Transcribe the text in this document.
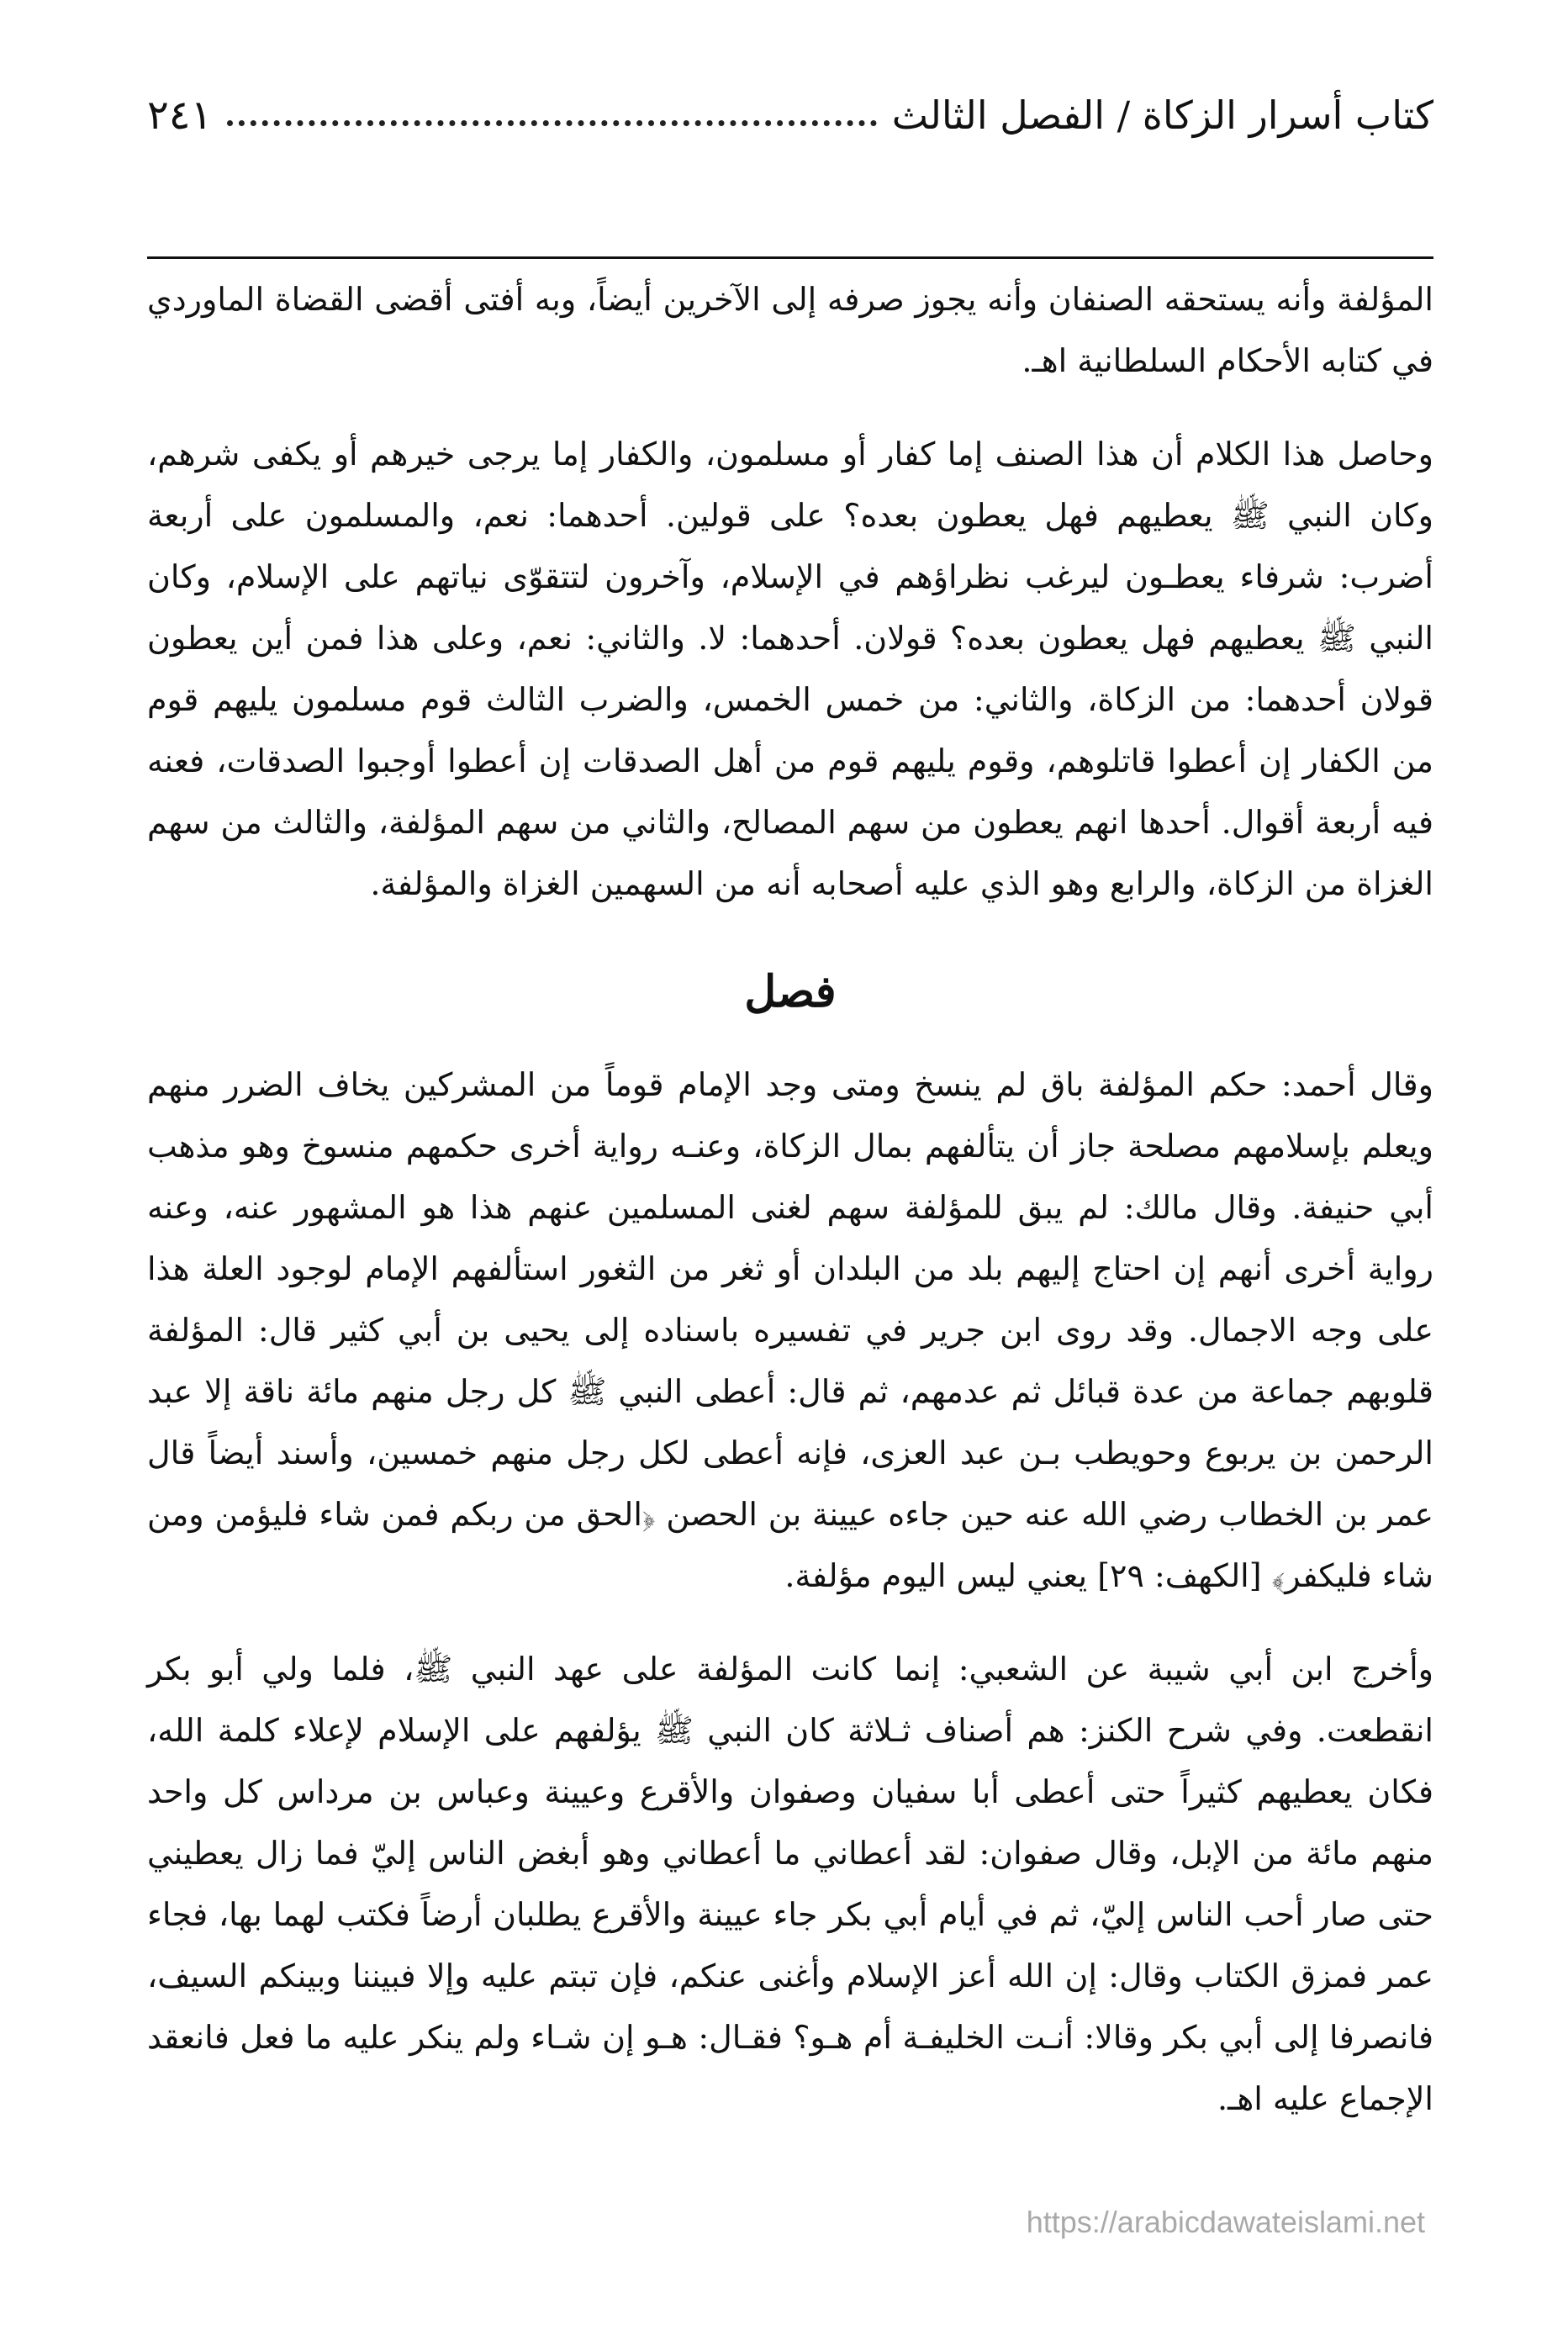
كتاب أسرار الزكاة / الفصل الثالث
٢٤١

المؤلفة وأنه يستحقه الصنفان وأنه يجوز صرفه إلى الآخرين أيضاً، وبه أفتى أقضى القضاة الماوردي في كتابه الأحكام السلطانية اهـ.

وحاصل هذا الكلام أن هذا الصنف إما كفار أو مسلمون، والكفار إما يرجى خيرهم أو يكفى شرهم، وكان النبي ﷺ يعطيهم فهل يعطون بعده؟ على قولين. أحدهما: نعم، والمسلمون على أربعة أضرب: شرفاء يعطـون ليرغب نظراؤهم في الإسلام، وآخرون لتتقوّى نياتهم على الإسلام، وكان النبي ﷺ يعطيهم فهل يعطون بعده؟ قولان. أحدهما: لا. والثاني: نعم، وعلى هذا فمن أين يعطون قولان أحدهما: من الزكاة، والثاني: من خمس الخمس، والضرب الثالث قوم مسلمون يليهم قوم من الكفار إن أعطوا قاتلوهم، وقوم يليهم قوم من أهل الصدقات إن أعطوا أوجبوا الصدقات، فعنه فيه أربعة أقوال. أحدها انهم يعطون من سهم المصالح، والثاني من سهم المؤلفة، والثالث من سهم الغزاة من الزكاة، والرابع وهو الذي عليه أصحابه أنه من السهمين الغزاة والمؤلفة.

فصل

وقال أحمد: حكم المؤلفة باق لم ينسخ ومتى وجد الإمام قوماً من المشركين يخاف الضرر منهم ويعلم بإسلامهم مصلحة جاز أن يتألفهم بمال الزكاة، وعنـه رواية أخرى حكمهم منسوخ وهو مذهب أبي حنيفة. وقال مالك: لم يبق للمؤلفة سهم لغنى المسلمين عنهم هذا هو المشهور عنه، وعنه رواية أخرى أنهم إن احتاج إليهم بلد من البلدان أو ثغر من الثغور استألفهم الإمام لوجود العلة هذا على وجه الاجمال. وقد روى ابن جرير في تفسيره باسناده إلى يحيى بن أبي كثير قال: المؤلفة قلوبهم جماعة من عدة قبائل ثم عدمهم، ثم قال: أعطى النبي ﷺ كل رجل منهم مائة ناقة إلا عبد الرحمن بن يربوع وحويطب بـن عبد العزى، فإنه أعطى لكل رجل منهم خمسين، وأسند أيضاً قال عمر بن الخطاب رضي الله عنه حين جاءه عيينة بن الحصن ﴿الحق من ربكم فمن شاء فليؤمن ومن شاء فليكفر﴾ [الكهف: ٢٩] يعني ليس اليوم مؤلفة.

وأخرج ابن أبي شيبة عن الشعبي: إنما كانت المؤلفة على عهد النبي ﷺ، فلما ولي أبو بكر انقطعت. وفي شرح الكنز: هم أصناف ثـلاثة كان النبي ﷺ يؤلفهم على الإسلام لإعلاء كلمة الله، فكان يعطيهم كثيراً حتى أعطى أبا سفيان وصفوان والأقرع وعيينة وعباس بن مرداس كل واحد منهم مائة من الإبل، وقال صفوان: لقد أعطاني ما أعطاني وهو أبغض الناس إليّ فما زال يعطيني حتى صار أحب الناس إليّ، ثم في أيام أبي بكر جاء عيينة والأقرع يطلبان أرضاً فكتب لهما بها، فجاء عمر فمزق الكتاب وقال: إن الله أعز الإسلام وأغنى عنكم، فإن تبتم عليه وإلا فبيننا وبينكم السيف، فانصرفا إلى أبي بكر وقالا: أنـت الخليفـة أم هـو؟ فقـال: هـو إن شـاء ولم ينكر عليه ما فعل فانعقد الإجماع عليه اهـ.

https://arabicdawateislami.net
